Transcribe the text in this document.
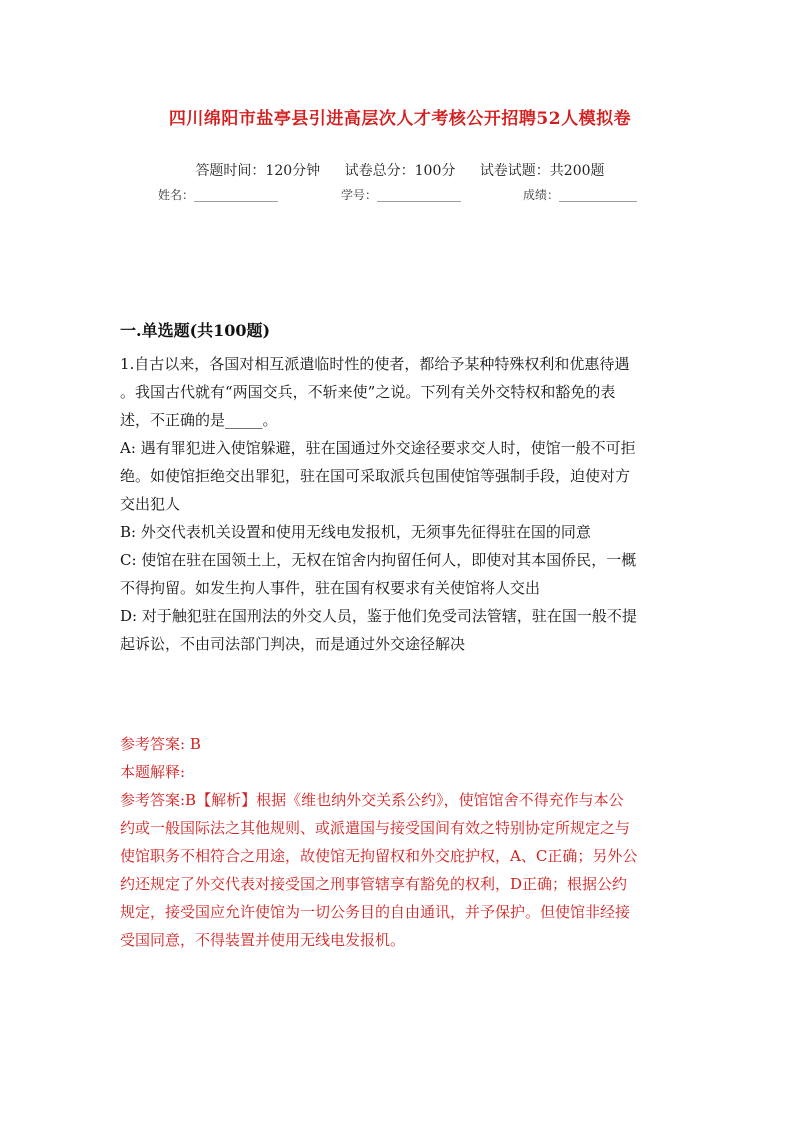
四川绵阳市盐亭县引进高层次人才考核公开招聘52人模拟卷
答题时间：120分钟 试卷总分：100分 试卷试题：共200题
姓名：______________	学号：______________	成绩：_____________
一.单选题(共100题)

1.自古以来，各国对相互派遣临时性的使者，都给予某种特殊权利和优惠待遇

。我国古代就有“两国交兵，不斩来使”之说。下列有关外交特权和豁免的表

述，不正确的是_____。

A: 遇有罪犯进入使馆躲避，驻在国通过外交途径要求交人时，使馆一般不可拒

绝。如使馆拒绝交出罪犯，驻在国可采取派兵包围使馆等强制手段，迫使对方

交出犯人

B: 外交代表机关设置和使用无线电发报机，无须事先征得驻在国的同意

C: 使馆在驻在国领土上，无权在馆舍内拘留任何人，即使对其本国侨民，一概

不得拘留。如发生拘人事件，驻在国有权要求有关使馆将人交出

D: 对于触犯驻在国刑法的外交人员，鉴于他们免受司法管辖，驻在国一般不提

起诉讼，不由司法部门判决，而是通过外交途径解决

参考答案: B

本题解释:

参考答案:B【解析】根据《维也纳外交关系公约》，使馆馆舍不得充作与本公

约或一般国际法之其他规则、或派遣国与接受国间有效之特别协定所规定之与

使馆职务不相符合之用途，故使馆无拘留权和外交庇护权，A、C正确；另外公

约还规定了外交代表对接受国之刑事管辖享有豁免的权利，D正确；根据公约

规定，接受国应允许使馆为一切公务目的自由通讯，并予保护。但使馆非经接

受国同意，不得装置并使用无线电发报机。
